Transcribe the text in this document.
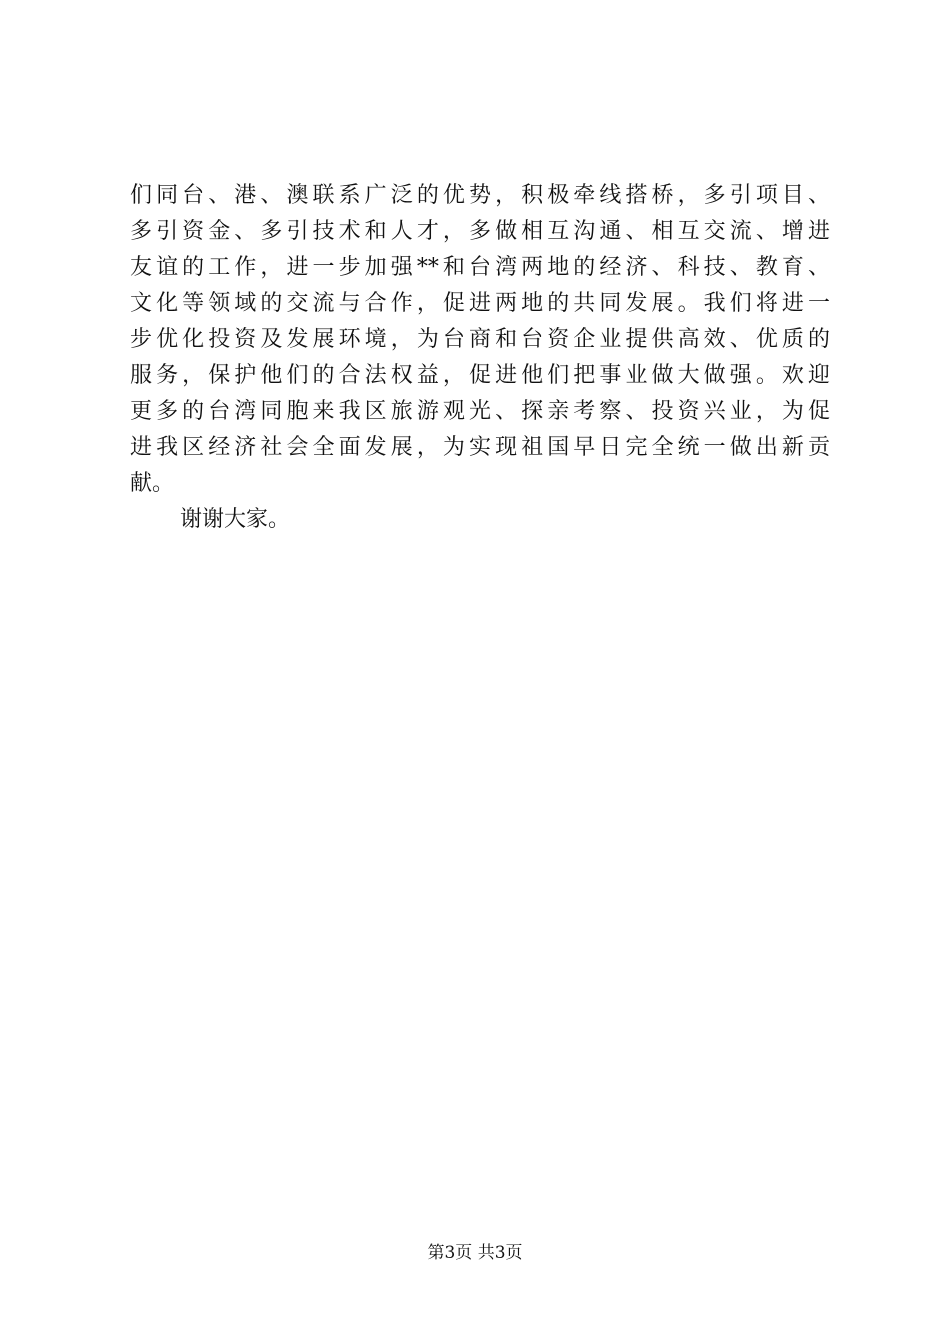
们同台、港、澳联系广泛的优势，积极牵线搭桥，多引项目、
多引资金、多引技术和人才，多做相互沟通、相互交流、增进
友谊的工作，进一步加强**和台湾两地的经济、科技、教育、
文化等领域的交流与合作，促进两地的共同发展。我们将进一
步优化投资及发展环境，为台商和台资企业提供高效、优质的
服务，保护他们的合法权益，促进他们把事业做大做强。欢迎
更多的台湾同胞来我区旅游观光、探亲考察、投资兴业，为促
进我区经济社会全面发展，为实现祖国早日完全统一做出新贡
献。
谢谢大家。
第3页 共3页
